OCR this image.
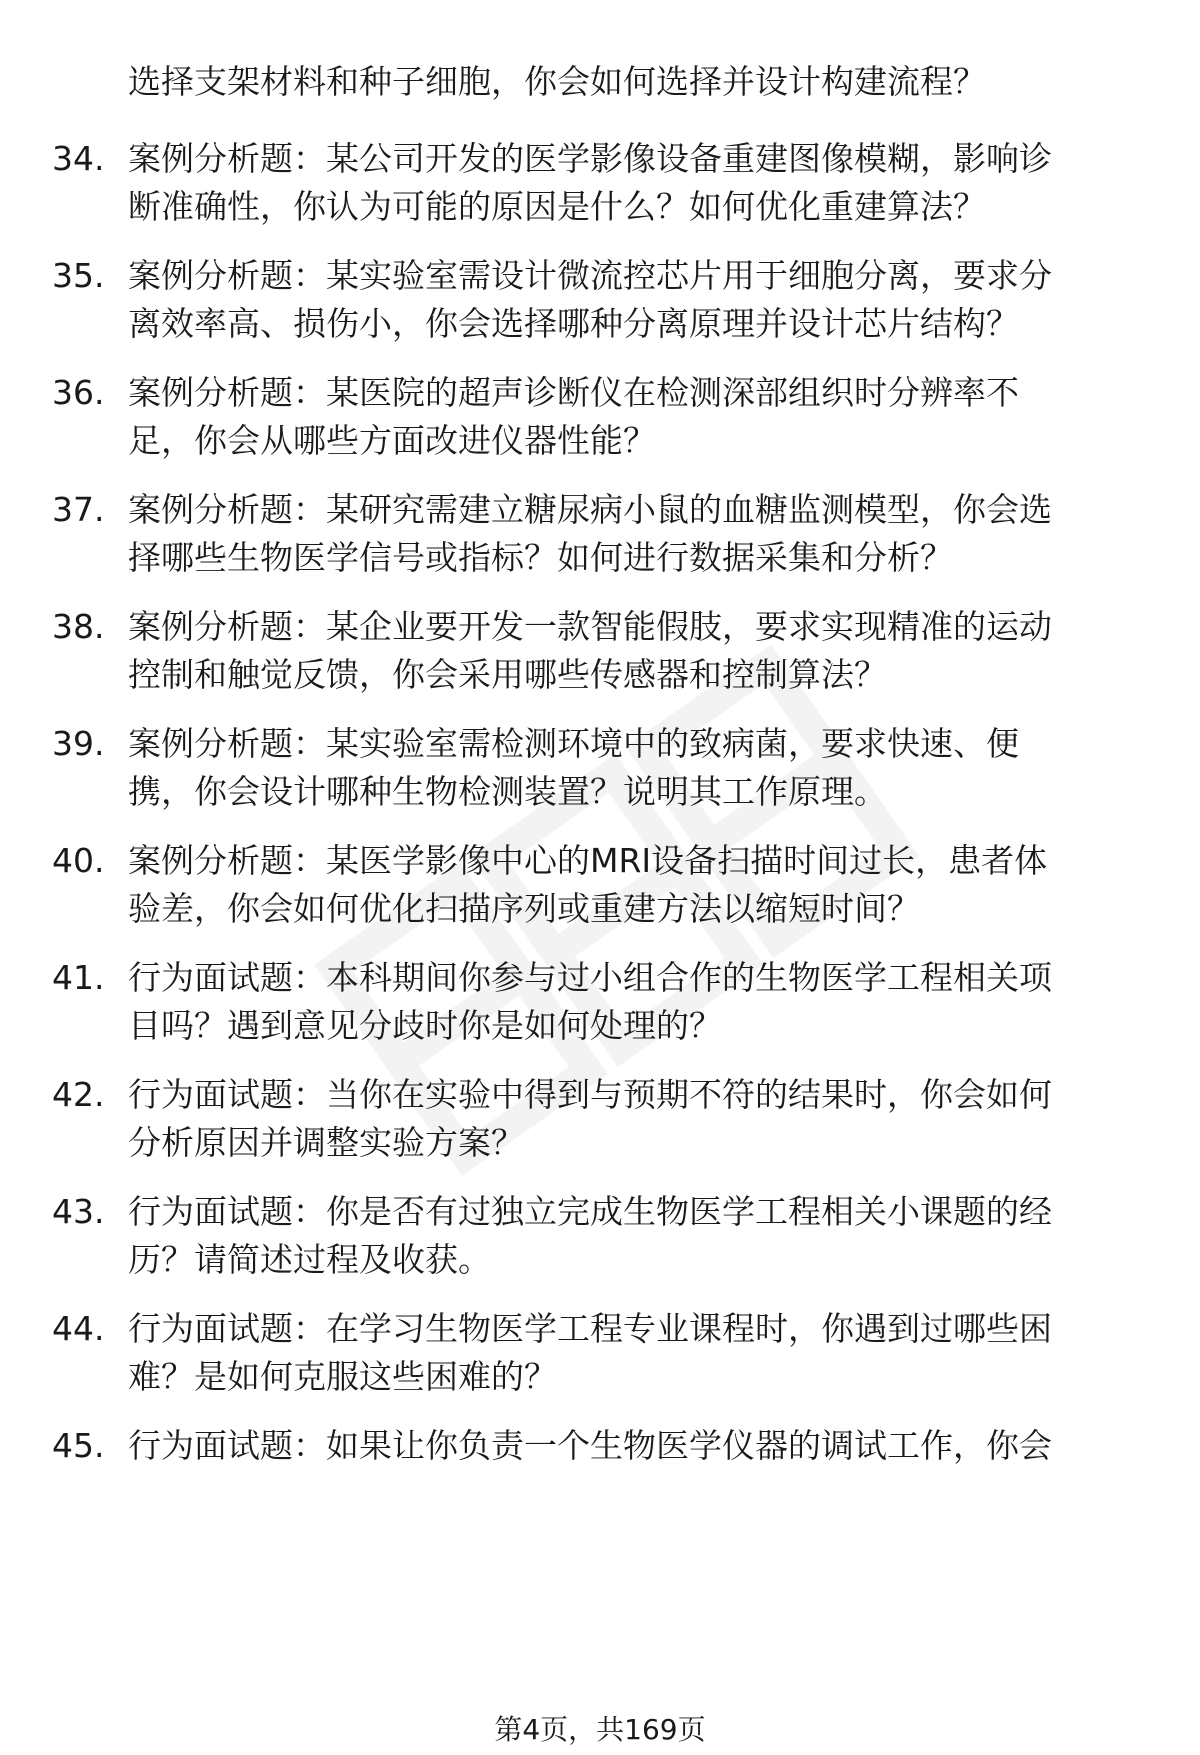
选择支架材料和种子细胞，你会如何选择并设计构建流程？
34. 案例分析题：某公司开发的医学影像设备重建图像模糊，影响诊
断准确性，你认为可能的原因是什么？如何优化重建算法？
35. 案例分析题：某实验室需设计微流控芯片用于细胞分离，要求分
离效率高、损伤小，你会选择哪种分离原理并设计芯片结构？
36. 案例分析题：某医院的超声诊断仪在检测深部组织时分辨率不
足，你会从哪些方面改进仪器性能？
37. 案例分析题：某研究需建立糖尿病小鼠的血糖监测模型，你会选
择哪些生物医学信号或指标？如何进行数据采集和分析？
38. 案例分析题：某企业要开发一款智能假肢，要求实现精准的运动
控制和触觉反馈，你会采用哪些传感器和控制算法？
39. 案例分析题：某实验室需检测环境中的致病菌，要求快速、便
携，你会设计哪种生物检测装置？说明其工作原理。
40. 案例分析题：某医学影像中心的MRI设备扫描时间过长，患者体
验差，你会如何优化扫描序列或重建方法以缩短时间？
41. 行为面试题：本科期间你参与过小组合作的生物医学工程相关项
目吗？遇到意见分歧时你是如何处理的？
42. 行为面试题：当你在实验中得到与预期不符的结果时，你会如何
分析原因并调整实验方案？
43. 行为面试题：你是否有过独立完成生物医学工程相关小课题的经
历？请简述过程及收获。
44. 行为面试题：在学习生物医学工程专业课程时，你遇到过哪些困
难？是如何克服这些困难的？
45. 行为面试题：如果让你负责一个生物医学仪器的调试工作，你会
第4页，共169页
